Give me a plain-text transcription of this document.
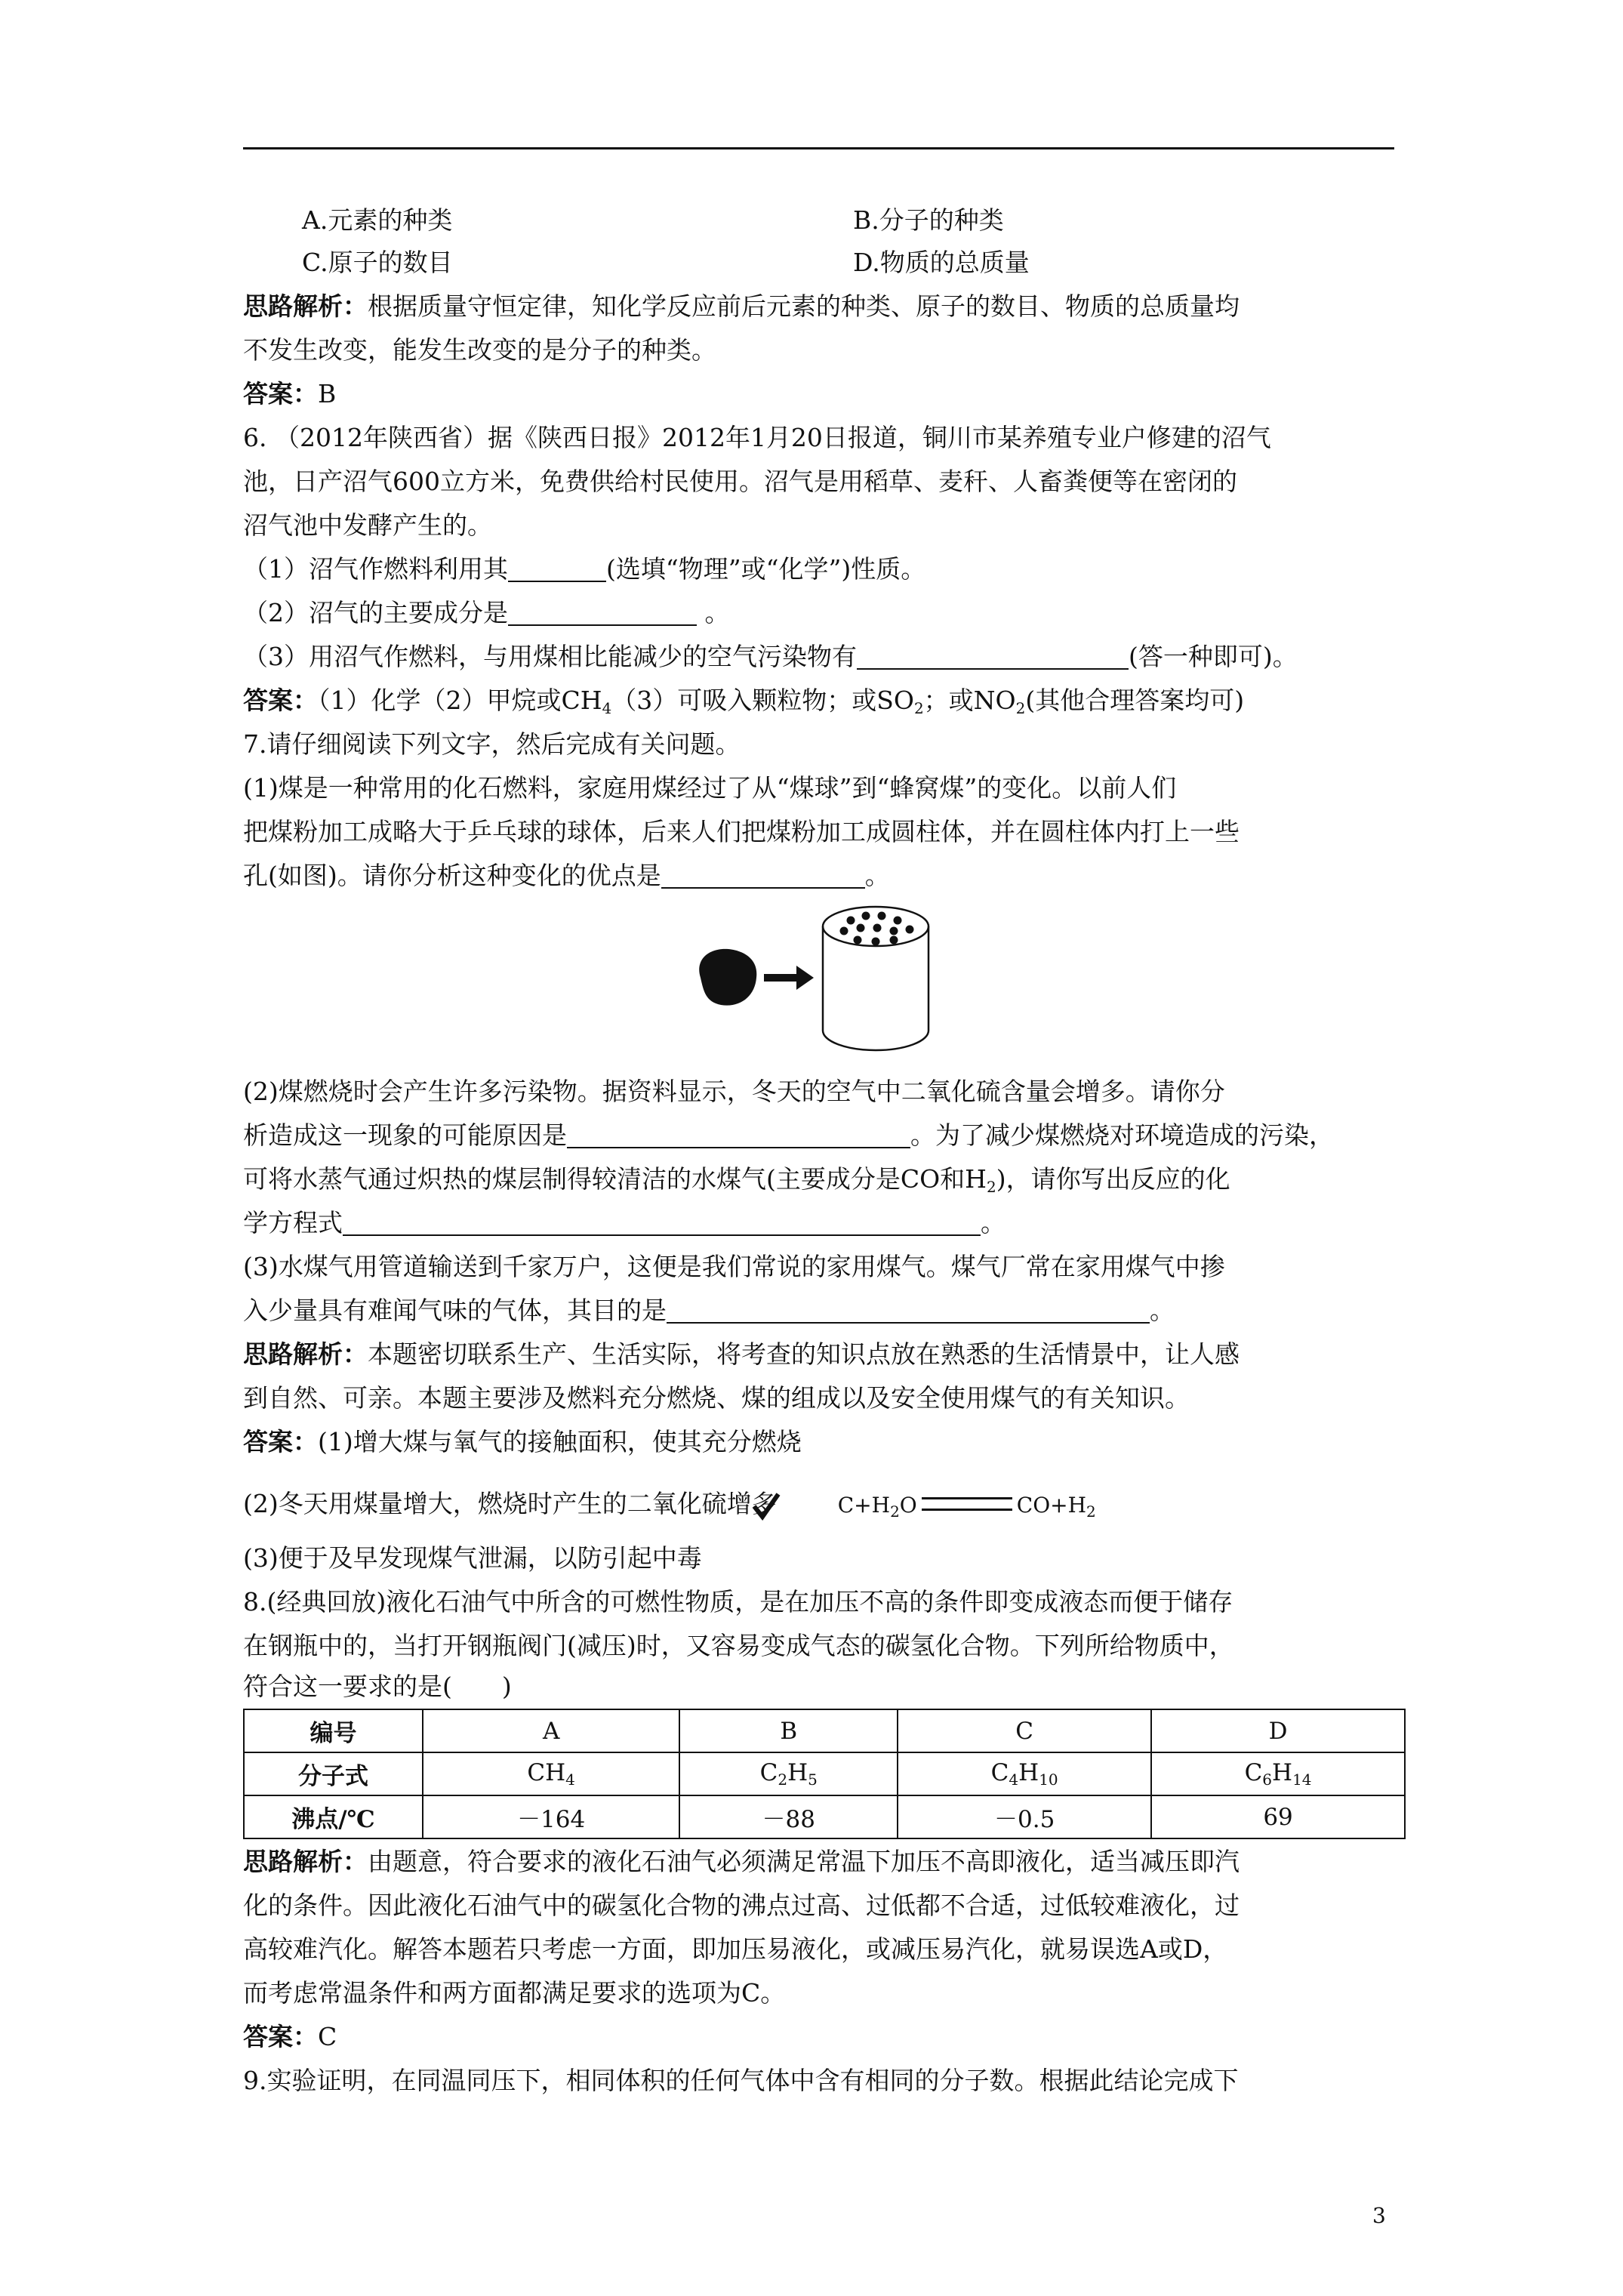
A.元素的种类	B.分子的种类
C.原子的数目	D.物质的总质量
思路解析：根据质量守恒定律，知化学反应前后元素的种类、原子的数目、物质的总质量均
不发生改变，能发生改变的是分子的种类。
答案：B
6. （2012年陕西省）据《陕西日报》2012年1月20日报道，铜川市某养殖专业户修建的沼气
池，日产沼气600立方米，免费供给村民使用。沼气是用稻草、麦秆、人畜粪便等在密闭的
沼气池中发酵产生的。
（1）沼气作燃料利用其	(选填“物理”或“化学”)性质。
（2）沼气的主要成分是	。
（3）用沼气作燃料，与用煤相比能减少的空气污染物有	(答一种即可)。
答案：（1）化学（2）甲烷或$CH_4(3)$可吸入颗粒物；或$SO_2$；或$NO_2$(其他合理答案均可)
7.请仔细阅读下列文字，然后完成有关问题。
(1)煤是一种常用的化石燃料，家庭用煤经过了从“煤球”到“蜂窝煤”的变化。以前人们
把煤粉加工成略大于乒乓球的球体，后来人们把煤粉加工成圆柱体，并在圆柱体内打上一些
孔(如图)。请你分析这种变化的优点是	。
(2)煤燃烧时会产生许多污染物。据资料显示，冬天的空气中二氧化硫含量会增多。请你分
析造成这一现象的可能原因是	。为了减少煤燃烧对环境造成的污染，
可将水蒸气通过炽热的煤层制得较清洁的水煤气(主要成分是CO和$H_2$)，请你写出反应的化
学方程式	。
(3)水煤气用管道输送到千家万户，这便是我们常说的家用煤气。煤气厂常在家用煤气中掺
入少量具有难闻气味的气体，其目的是	。
思路解析：本题密切联系生产、生活实际，将考查的知识点放在熟悉的生活情景中，让人感
到自然、可亲。本题主要涉及燃料充分燃烧、煤的组成以及安全使用煤气的有关知识。
答案：(1)增大煤与氧气的接触面积，使其充分燃烧
(2)冬天用煤量增大，燃烧时产生的二氧化硫增多	$C+H_2O$	$CO+H_2$
(3)便于及早发现煤气泄漏，以防引起中毒
8.(经典回放)液化石油气中所含的可燃性物质，是在加压不高的条件即变成液态而便于储存
在钢瓶中的，当打开钢瓶阀门(减压)时，又容易变成气态的碳氢化合物。下列所给物质中，
符合这一要求的是(　　)
编号	A	B	C	D
分子式	$CH_4$	$C_2H_5$	$C_4H_{10}$	$C_6H_{14}$
沸点/℃	－164	－88	－0.5	69
思路解析：由题意，符合要求的液化石油气必须满足常温下加压不高即液化，适当减压即汽
化的条件。因此液化石油气中的碳氢化合物的沸点过高、过低都不合适，过低较难液化，过
高较难汽化。解答本题若只考虑一方面，即加压易液化，或减压易汽化，就易误选A或D，
而考虑常温条件和两方面都满足要求的选项为C。
答案：C
9.实验证明，在同温同压下，相同体积的任何气体中含有相同的分子数。根据此结论完成下
3
